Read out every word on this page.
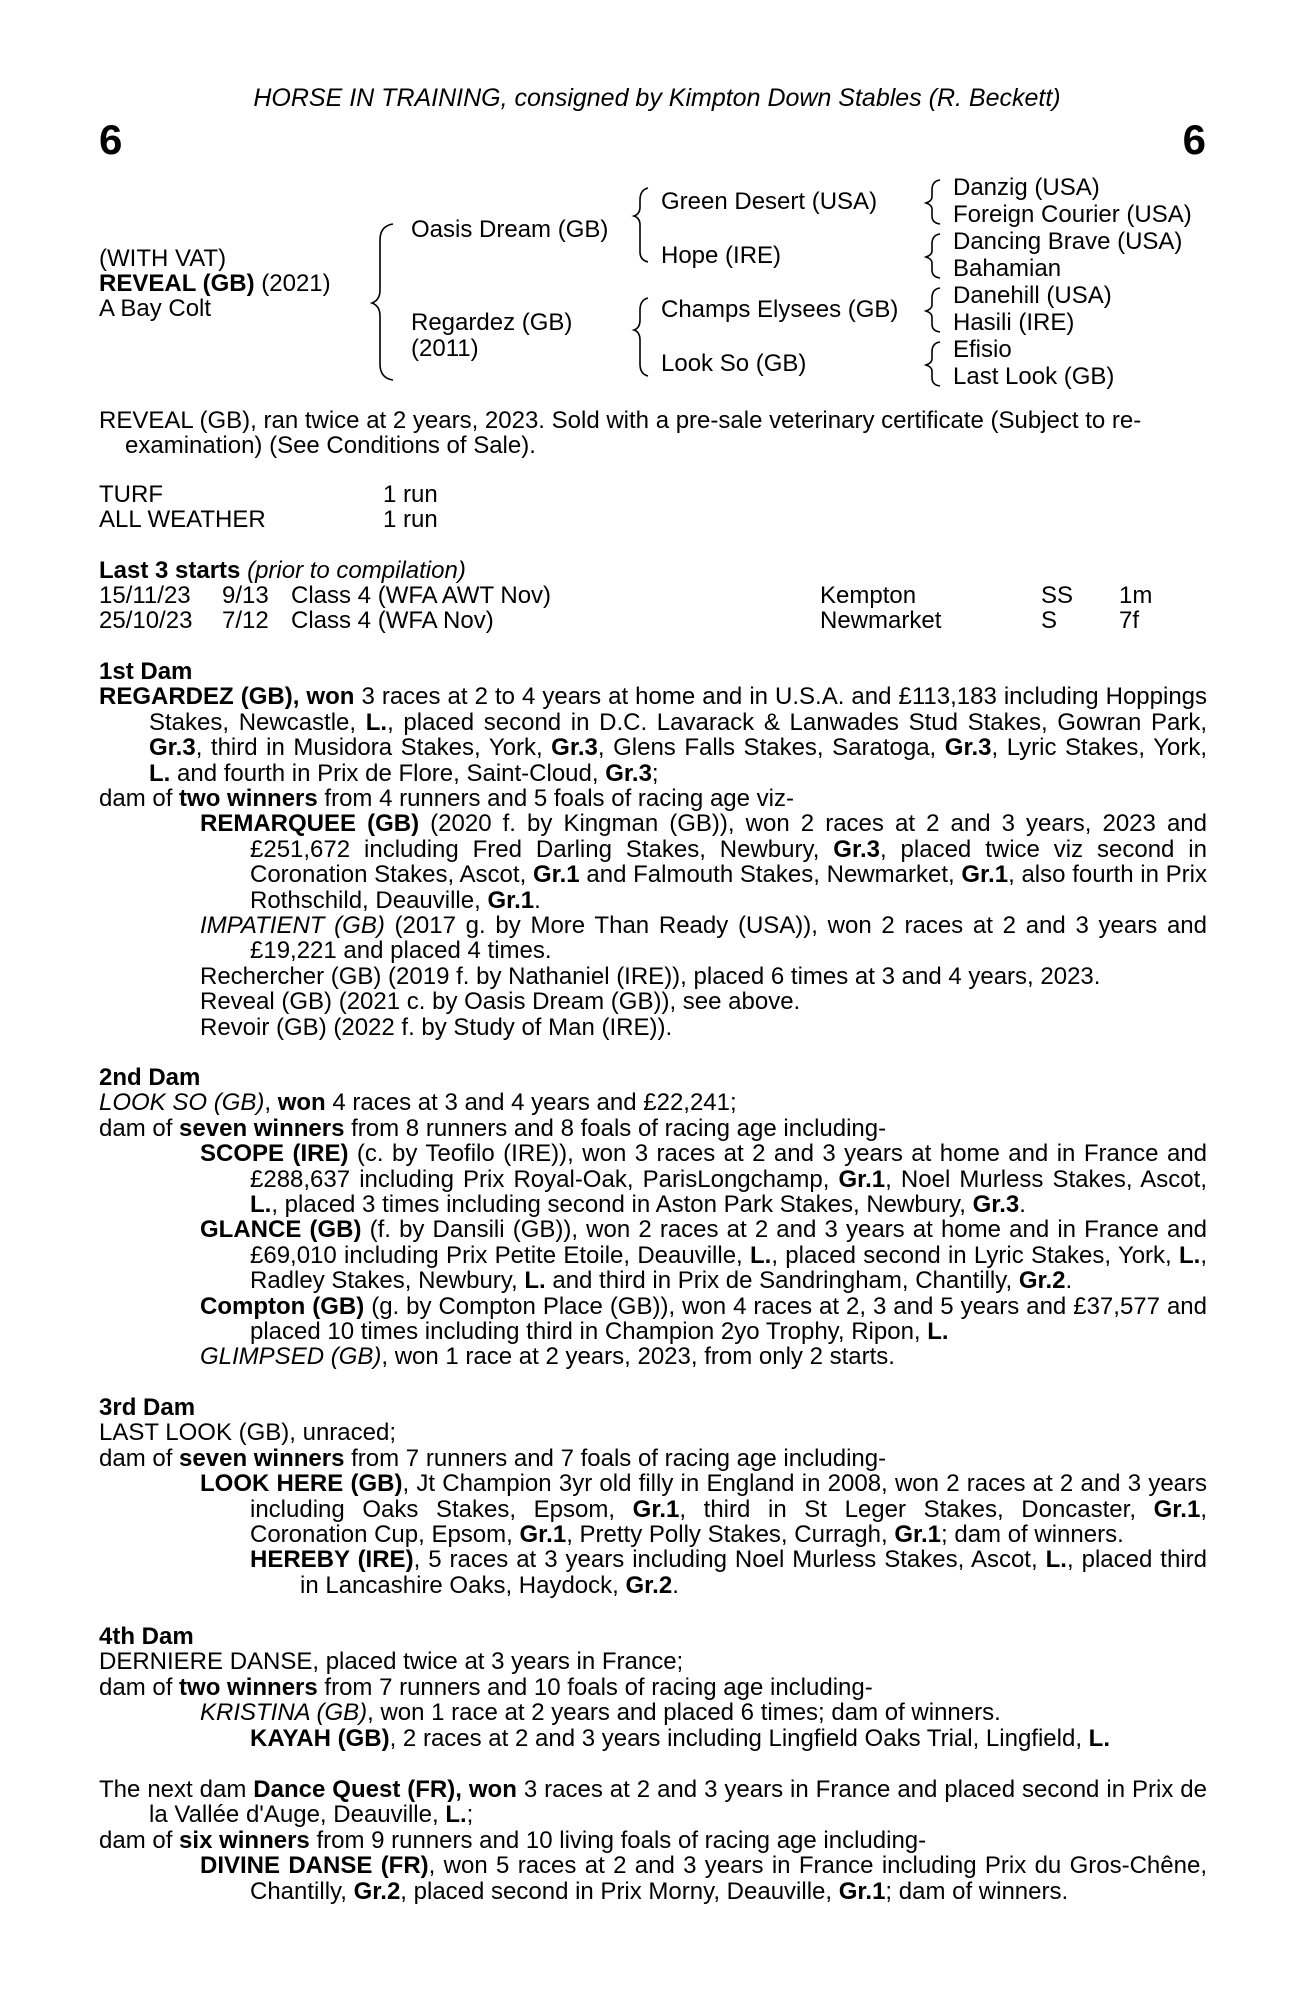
HORSE IN TRAINING, consigned by Kimpton Down Stables (R. Beckett)
6	6
(WITH VAT)
REVEAL (GB) (2021)
A Bay Colt
Oasis Dream (GB)
Regardez (GB)
(2011)
Green Desert (USA)
Hope (IRE)
Champs Elysees (GB)
Look So (GB)
Danzig (USA)
Foreign Courier (USA)
Dancing Brave (USA)
Bahamian
Danehill (USA)
Hasili (IRE)
Efisio
Last Look (GB)
REVEAL (GB), ran twice at 2 years, 2023. Sold with a pre-sale veterinary certificate (Subject to re-
examination) (See Conditions of Sale).
TURF	1 run
ALL WEATHER	1 run
Last 3 starts (prior to compilation)
15/11/23 9/13 Class 4 (WFA AWT Nov)	Kempton	SS 1m
25/10/23 7/12 Class 4 (WFA Nov)	Newmarket	S	7f

1st Dam

REGARDEZ (GB), won 3 races at 2 to 4 years at home and in U.S.A. and £113,183 including Hoppings Stakes, Newcastle, L., placed second in D.C. Lavarack & Lanwades Stud Stakes, Gowran Park, Gr.3, third in Musidora Stakes, York, Gr.3, Glens Falls Stakes, Saratoga, Gr.3, Lyric Stakes, York, L. and fourth in Prix de Flore, Saint-Cloud, Gr.3;

dam of two winners from 4 runners and 5 foals of racing age viz-

REMARQUEE (GB) (2020 f. by Kingman (GB)), won 2 races at 2 and 3 years, 2023 and £251,672 including Fred Darling Stakes, Newbury, Gr.3, placed twice viz second in Coronation Stakes, Ascot, Gr.1 and Falmouth Stakes, Newmarket, Gr.1, also fourth in Prix Rothschild, Deauville, Gr.1.

IMPATIENT (GB) (2017 g. by More Than Ready (USA)), won 2 races at 2 and 3 years and £19,221 and placed 4 times.

Rechercher (GB) (2019 f. by Nathaniel (IRE)), placed 6 times at 3 and 4 years, 2023.

Reveal (GB) (2021 c. by Oasis Dream (GB)), see above.

Revoir (GB) (2022 f. by Study of Man (IRE)).

2nd Dam

LOOK SO (GB), won 4 races at 3 and 4 years and £22,241;

dam of seven winners from 8 runners and 8 foals of racing age including-

SCOPE (IRE) (c. by Teofilo (IRE)), won 3 races at 2 and 3 years at home and in France and £288,637 including Prix Royal-Oak, ParisLongchamp, Gr.1, Noel Murless Stakes, Ascot, L., placed 3 times including second in Aston Park Stakes, Newbury, Gr.3.

GLANCE (GB) (f. by Dansili (GB)), won 2 races at 2 and 3 years at home and in France and £69,010 including Prix Petite Etoile, Deauville, L., placed second in Lyric Stakes, York, L., Radley Stakes, Newbury, L. and third in Prix de Sandringham, Chantilly, Gr.2.

Compton (GB) (g. by Compton Place (GB)), won 4 races at 2, 3 and 5 years and £37,577 and placed 10 times including third in Champion 2yo Trophy, Ripon, L.

GLIMPSED (GB), won 1 race at 2 years, 2023, from only 2 starts.

3rd Dam

LAST LOOK (GB), unraced;

dam of seven winners from 7 runners and 7 foals of racing age including-

LOOK HERE (GB), Jt Champion 3yr old filly in England in 2008, won 2 races at 2 and 3 years including Oaks Stakes, Epsom, Gr.1, third in St Leger Stakes, Doncaster, Gr.1, Coronation Cup, Epsom, Gr.1, Pretty Polly Stakes, Curragh, Gr.1; dam of winners.

HEREBY (IRE), 5 races at 3 years including Noel Murless Stakes, Ascot, L., placed third in Lancashire Oaks, Haydock, Gr.2.

4th Dam

DERNIERE DANSE, placed twice at 3 years in France;

dam of two winners from 7 runners and 10 foals of racing age including-

KRISTINA (GB), won 1 race at 2 years and placed 6 times; dam of winners.

KAYAH (GB), 2 races at 2 and 3 years including Lingfield Oaks Trial, Lingfield, L.

The next dam Dance Quest (FR), won 3 races at 2 and 3 years in France and placed second in Prix de la Vallée d'Auge, Deauville, L.;

dam of six winners from 9 runners and 10 living foals of racing age including-

DIVINE DANSE (FR), won 5 races at 2 and 3 years in France including Prix du Gros-Chêne, Chantilly, Gr.2, placed second in Prix Morny, Deauville, Gr.1; dam of winners.
